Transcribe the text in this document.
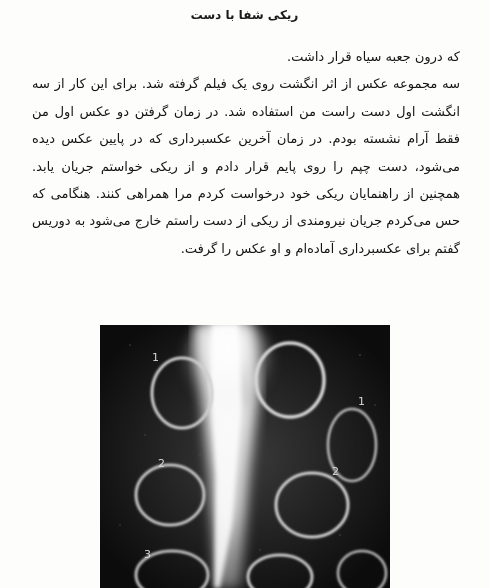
ریکی شفا با دست

که درون جعبه سیاه قرار داشت.

سه مجموعه عکس از اثر انگشت روی یک فیلم گرفته شد. برای این کار از سه انگشت اول دست راست من استفاده شد. در زمان گرفتن دو عکس اول من فقط آرام نشسته بودم. در زمان آخرین عکسبرداری که در پایین عکس دیده می‌شود، دست چپم را روی پایم قرار دادم و از ریکی خواستم جریان یابد. همچنین از راهنمایان ریکی خود درخواست کردم مرا همراهی کنند. هنگامی که حس می‌کردم جریان نیرومندی از ریکی از دست راستم خارج می‌شود به دوریس گفتم برای عکسبرداری آماده‌ام و او عکس را گرفت.

1
1
2
2
3
